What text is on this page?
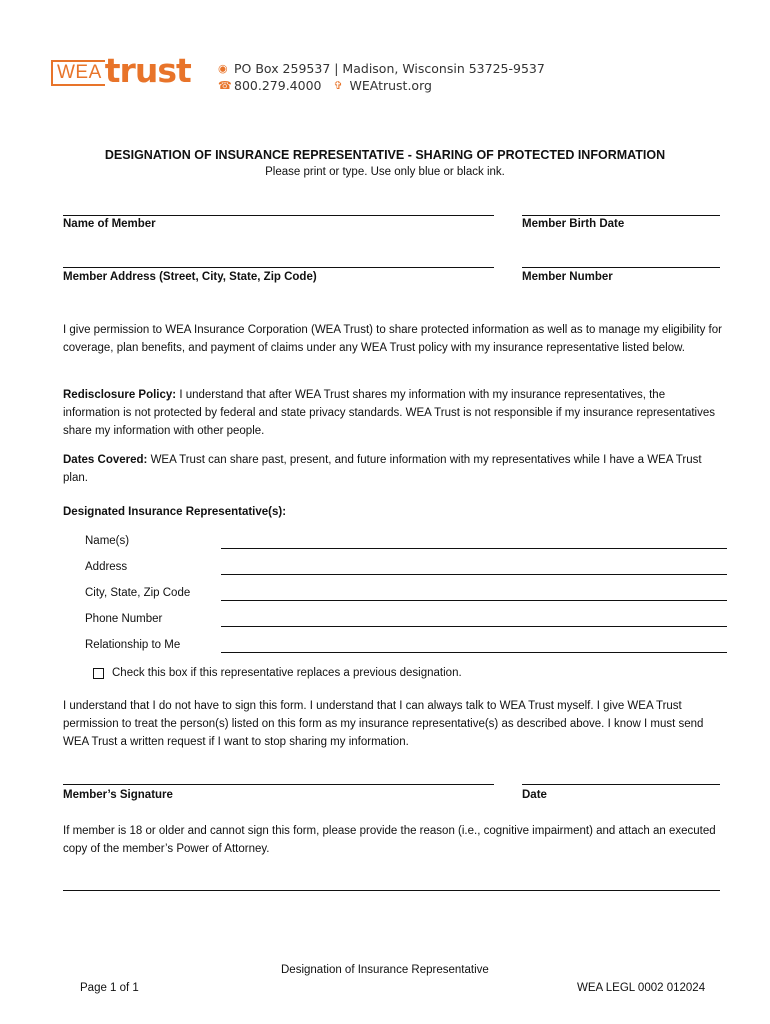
WEA trust ◉ PO Box 259537 | Madison, Wisconsin 53725-9537
☎ 800.279.4000 ✞ WEAtrust.org
DESIGNATION OF INSURANCE REPRESENTATIVE - SHARING OF PROTECTED INFORMATION
Please print or type. Use only blue or black ink.
Name of Member	Member Birth Date
Member Address (Street, City, State, Zip Code)	Member Number
I give permission to WEA Insurance Corporation (WEA Trust) to share protected information as well as to manage my eligibility for coverage, plan benefits, and payment of claims under any WEA Trust policy with my insurance representative listed below.
Redisclosure Policy: I understand that after WEA Trust shares my information with my insurance representatives, the information is not protected by federal and state privacy standards. WEA Trust is not responsible if my insurance representatives share my information with other people.
Dates Covered: WEA Trust can share past, present, and future information with my representatives while I have a WEA Trust plan.
Designated Insurance Representative(s):
Name(s)
Address
City, State, Zip Code
Phone Number
Relationship to Me
Check this box if this representative replaces a previous designation.
I understand that I do not have to sign this form. I understand that I can always talk to WEA Trust myself. I give WEA Trust permission to treat the person(s) listed on this form as my insurance representative(s) as described above. I know I must send WEA Trust a written request if I want to stop sharing my information.
Member’s Signature	Date
If member is 18 or older and cannot sign this form, please provide the reason (i.e., cognitive impairment) and attach an executed copy of the member’s Power of Attorney.
Designation of Insurance Representative
Page 1 of 1	WEA LEGL 0002 012024
